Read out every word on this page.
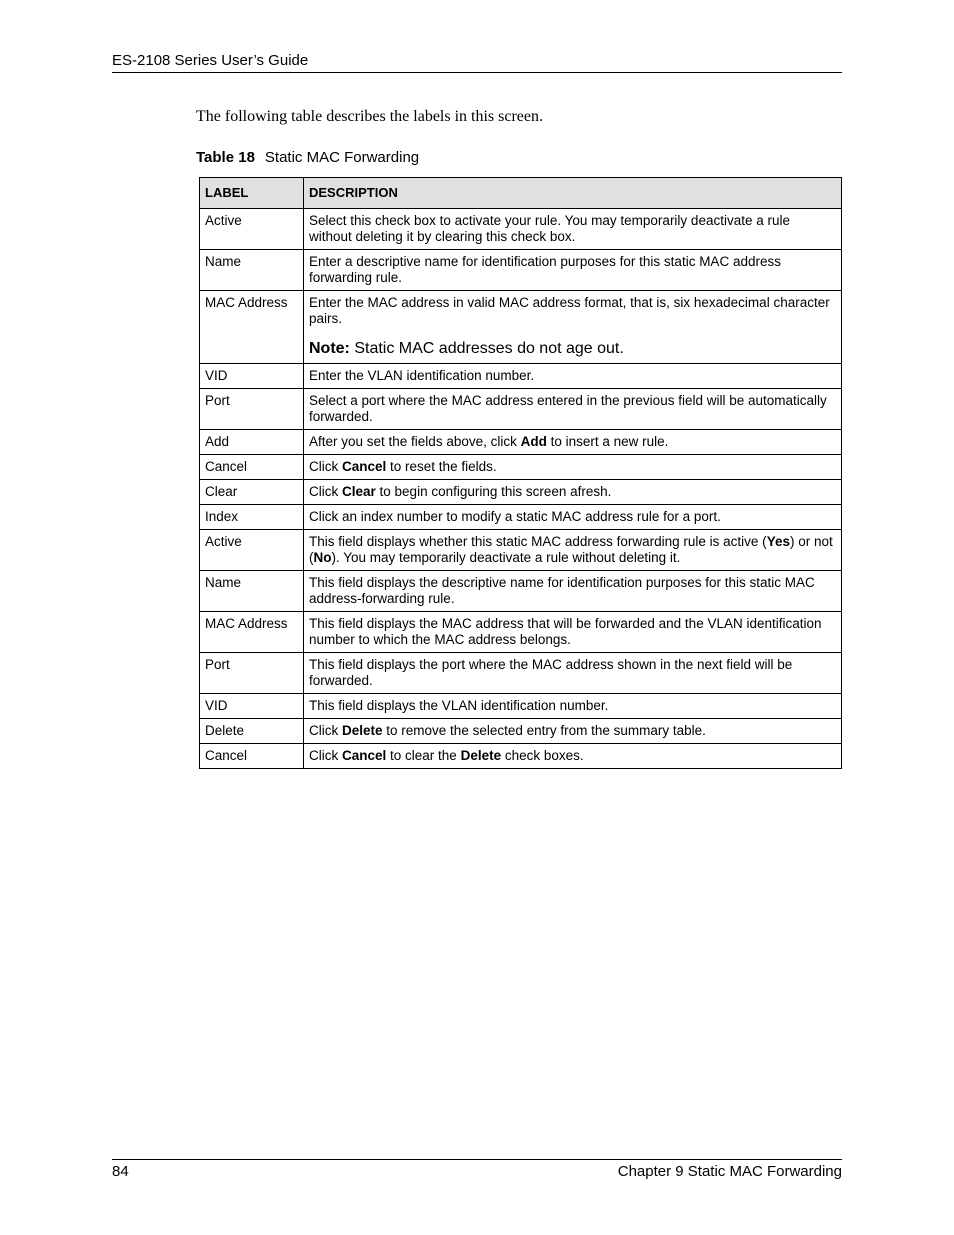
ES-2108 Series User’s Guide
The following table describes the labels in this screen.
Table 18 Static MAC Forwarding
LABEL	DESCRIPTION
Active	Select this check box to activate your rule. You may temporarily deactivate a rule without deleting it by clearing this check box.

Name	Enter a descriptive name for identification purposes for this static MAC address forwarding rule.

MAC Address	Enter the MAC address in valid MAC address format, that is, six hexadecimal character pairs.
Note: Static MAC addresses do not age out.

VID	Enter the VLAN identification number.

Port	Select a port where the MAC address entered in the previous field will be automatically forwarded.

Add	After you set the fields above, click Add to insert a new rule.

Cancel	Click Cancel to reset the fields.

Clear	Click Clear to begin configuring this screen afresh.

Index	Click an index number to modify a static MAC address rule for a port.

Active	This field displays whether this static MAC address forwarding rule is active (Yes) or not (No). You may temporarily deactivate a rule without deleting it.

Name	This field displays the descriptive name for identification purposes for this static MAC address-forwarding rule.

MAC Address	This field displays the MAC address that will be forwarded and the VLAN identification number to which the MAC address belongs.

Port	This field displays the port where the MAC address shown in the next field will be forwarded.

VID	This field displays the VLAN identification number.

Delete	Click Delete to remove the selected entry from the summary table.

Cancel	Click Cancel to clear the Delete check boxes.
84	Chapter 9 Static MAC Forwarding
